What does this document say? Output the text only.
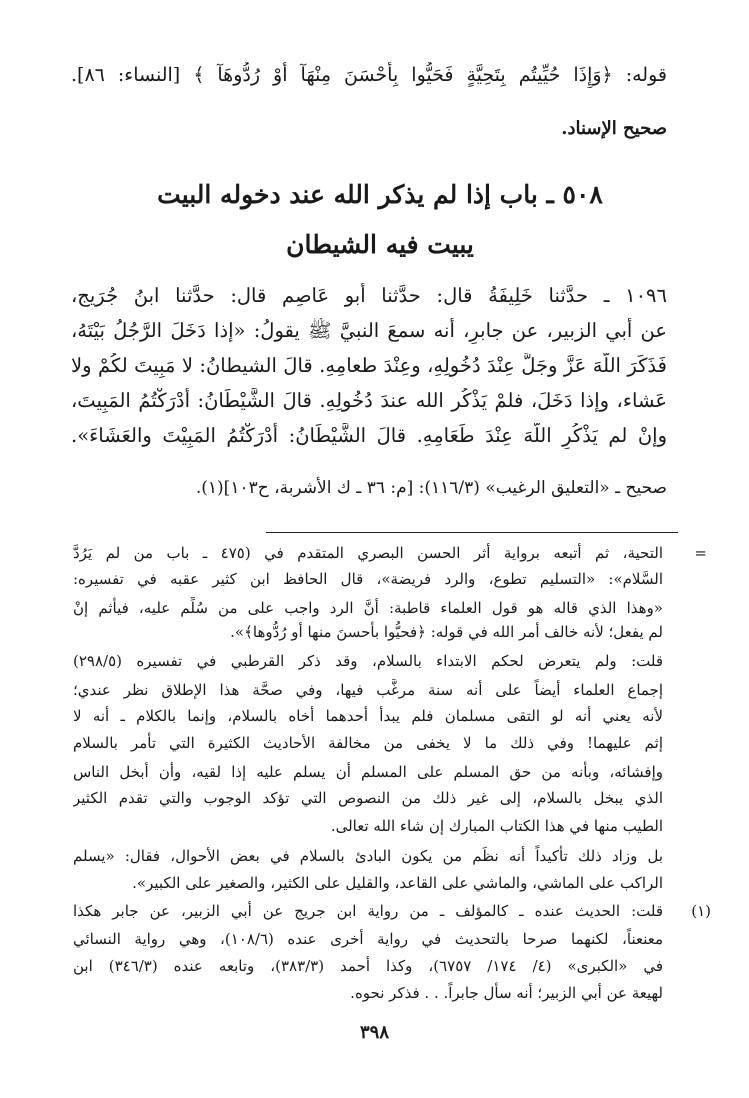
قوله: ﴿وَإِذَا حُيِّيتُم بِتَحِيَّةٍ فَحَيُّوا بِأَحْسَنَ مِنْهَآ أَوْ رُدُّوهَآ ﴾ [النساء: ٨٦].
صحيح الإسناد.
٥٠٨ ـ باب إذا لم يذكر الله عند دخوله البيت
يبيت فيه الشيطان
١٠٩٦ ـ حدَّثنا خَلِيفَةُ قال: حدَّثنا أبو عَاصِم قال: حدَّثنا ابنُ جُرَيج،
عن أبي الزبير، عن جابرٍ، أنه سمعَ النبيَّ ﷺ يقولُ: «إذا دَخَلَ الرَّجُلُ بَيْتَهُ،
فَذَكَرَ اللَّهَ عَزَّ وجَلَّ عِنْدَ دُخُولِهِ، وعِنْدَ طعامِهِ. قالَ الشيطانُ: لا مَبِيتَ لكُمْ ولا
عَشاء، وإذا دَخَلَ، فلمْ يَذْكُر الله عندَ دُخُولِهِ. قالَ الشَّيْطَانُ: أدْرَكْتُمُ المَبِيتَ،
وإنْ لم يَذْكُرِ اللَّهَ عِنْدَ طَعَامِهِ. قالَ الشَّيْطَانُ: أدْرَكْتُمُ المَبِيْتَ والعَشَاءَ».
صحيح ـ «التعليق الرغيب» (١١٦/٣): [م: ٣٦ ـ ك الأشربة، ح١٠٣](١).
=
التحية، ثم أتبعه برواية أثر الحسن البصري المتقدم في (٤٧٥ ـ باب من لم يَرُدَّ
السَّلام»: «التسليم تطوع، والرد فريضة»، قال الحافظ ابن كثير عقبه في تفسيره:
«وهذا الذي قاله هو قول العلماء قاطبة: أنَّ الرد واجب على من سُلِّم عليه، فيأثم إنْ
لم يفعل؛ لأنه خالف أمر الله في قوله: ﴿فحيُّوا بأحسنَ منها أو رُدُّوها﴾».
قلت: ولم يتعرض لحكم الابتداء بالسلام، وقد ذكر القرطبي في تفسيره (٢٩٨/٥)
إجماع العلماء أيضاً على أنه سنة مرغَّب فيها، وفي صحَّة هذا الإطلاق نظر عندي؛
لأنه يعني أنه لو التقى مسلمان فلم يبدأ أحدهما أخاه بالسلام، وإنما بالكلام ـ أنه لا
إثم عليهما! وفي ذلك ما لا يخفى من مخالفة الأحاديث الكثيرة التي تأمر بالسلام
وإفشائه، وبأنه من حق المسلم على المسلم أن يسلم عليه إذا لقيه، وأن أبخل الناس
الذي يبخل بالسلام، إلى غير ذلك من النصوص التي تؤكد الوجوب والتي تقدم الكثير
الطيب منها في هذا الكتاب المبارك إن شاء الله تعالى.
بل وزاد ذلك تأكيداً أنه نظَم من يكون البادئ بالسلام في بعض الأحوال، فقال: «يسلم
الراكب على الماشي، والماشي على القاعد، والقليل على الكثير، والصغير على الكبير».
(١)
قلت: الحديث عنده ـ كالمؤلف ـ من رواية ابن جريج عن أبي الزبير، عن جابر هكذا
معنعناً، لكنهما صرحا بالتحديث في رواية أخرى عنده (١٠٨/٦)، وهي رواية النسائي
في «الكبرى» (٤/ ١٧٤/ ٦٧٥٧)، وكذا أحمد (٣٨٣/٣)، وتابعه عنده (٣٤٦/٣) ابن
لهيعة عن أبي الزبير؛ أنه سأل جابراً. . . فذكر نحوه.
٣٩٨
